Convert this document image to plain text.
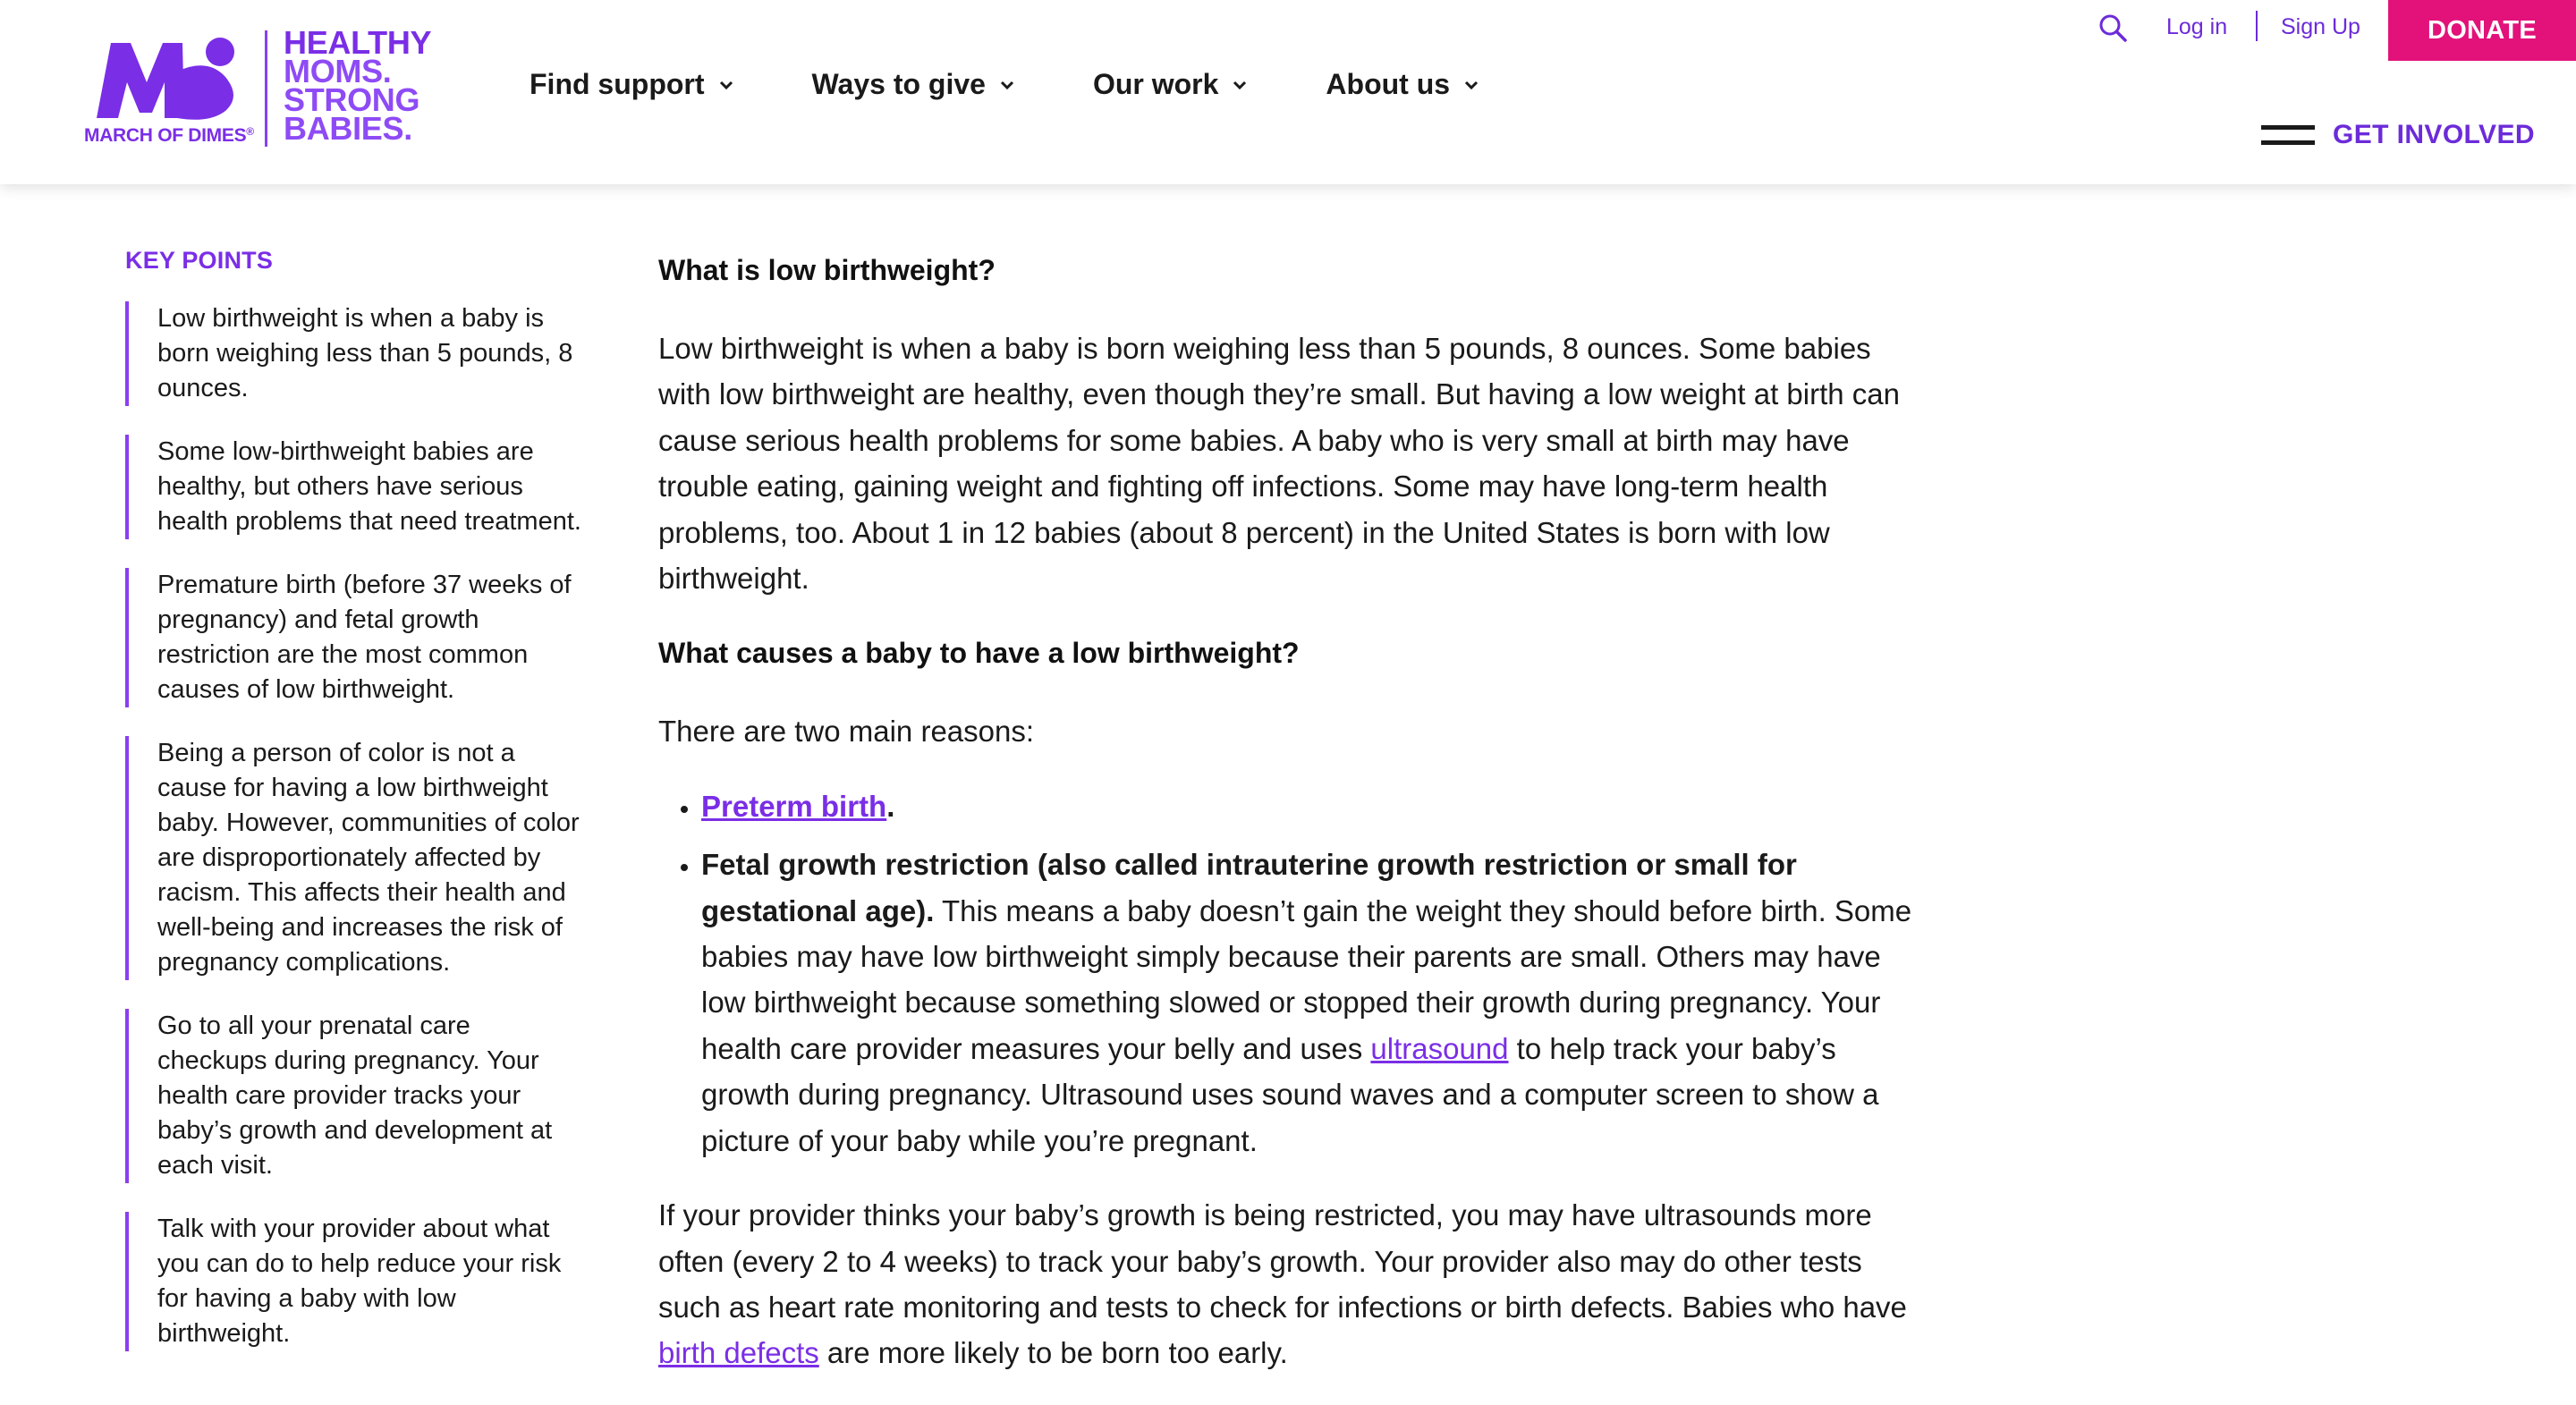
MARCH OF DIMES®
HEALTHY
MOMS.
STRONG
BABIES.
Find support	Ways to give	Our work	About us
Log in Sign Up	DONATE
GET INVOLVED
KEY POINTS
Low birthweight is when a baby is born weighing less than 5 pounds, 8 ounces.
Some low-birthweight babies are healthy, but others have serious health problems that need treatment.
Premature birth (before 37 weeks of pregnancy) and fetal growth restriction are the most common causes of low birthweight.
Being a person of color is not a cause for having a low birthweight baby. However, communities of color are disproportionately affected by racism. This affects their health and well-being and increases the risk of pregnancy complications.
Go to all your prenatal care checkups during pregnancy. Your health care provider tracks your baby’s growth and development at each visit.
Talk with your provider about what you can do to help reduce your risk for having a baby with low birthweight.
What is low birthweight?

Low birthweight is when a baby is born weighing less than 5 pounds, 8 ounces. Some babies with low birthweight are healthy, even though they’re small. But having a low weight at birth can cause serious health problems for some babies. A baby who is very small at birth may have trouble eating, gaining weight and fighting off infections. Some may have long-term health problems, too. About 1 in 12 babies (about 8 percent) in the United States is born with low birthweight.

What causes a baby to have a low birthweight?

There are two main reasons:

• Preterm birth.
• Fetal growth restriction (also called intrauterine growth restriction or small for gestational age). This means a baby doesn’t gain the weight they should before birth. Some babies may have low birthweight simply because their parents are small. Others may have low birthweight because something slowed or stopped their growth during pregnancy. Your health care provider measures your belly and uses ultrasound to help track your baby’s growth during pregnancy. Ultrasound uses sound waves and a computer screen to show a picture of your baby while you’re pregnant.

If your provider thinks your baby’s growth is being restricted, you may have ultrasounds more often (every 2 to 4 weeks) to track your baby’s growth. Your provider also may do other tests such as heart rate monitoring and tests to check for infections or birth defects. Babies who have birth defects are more likely to be born too early.
